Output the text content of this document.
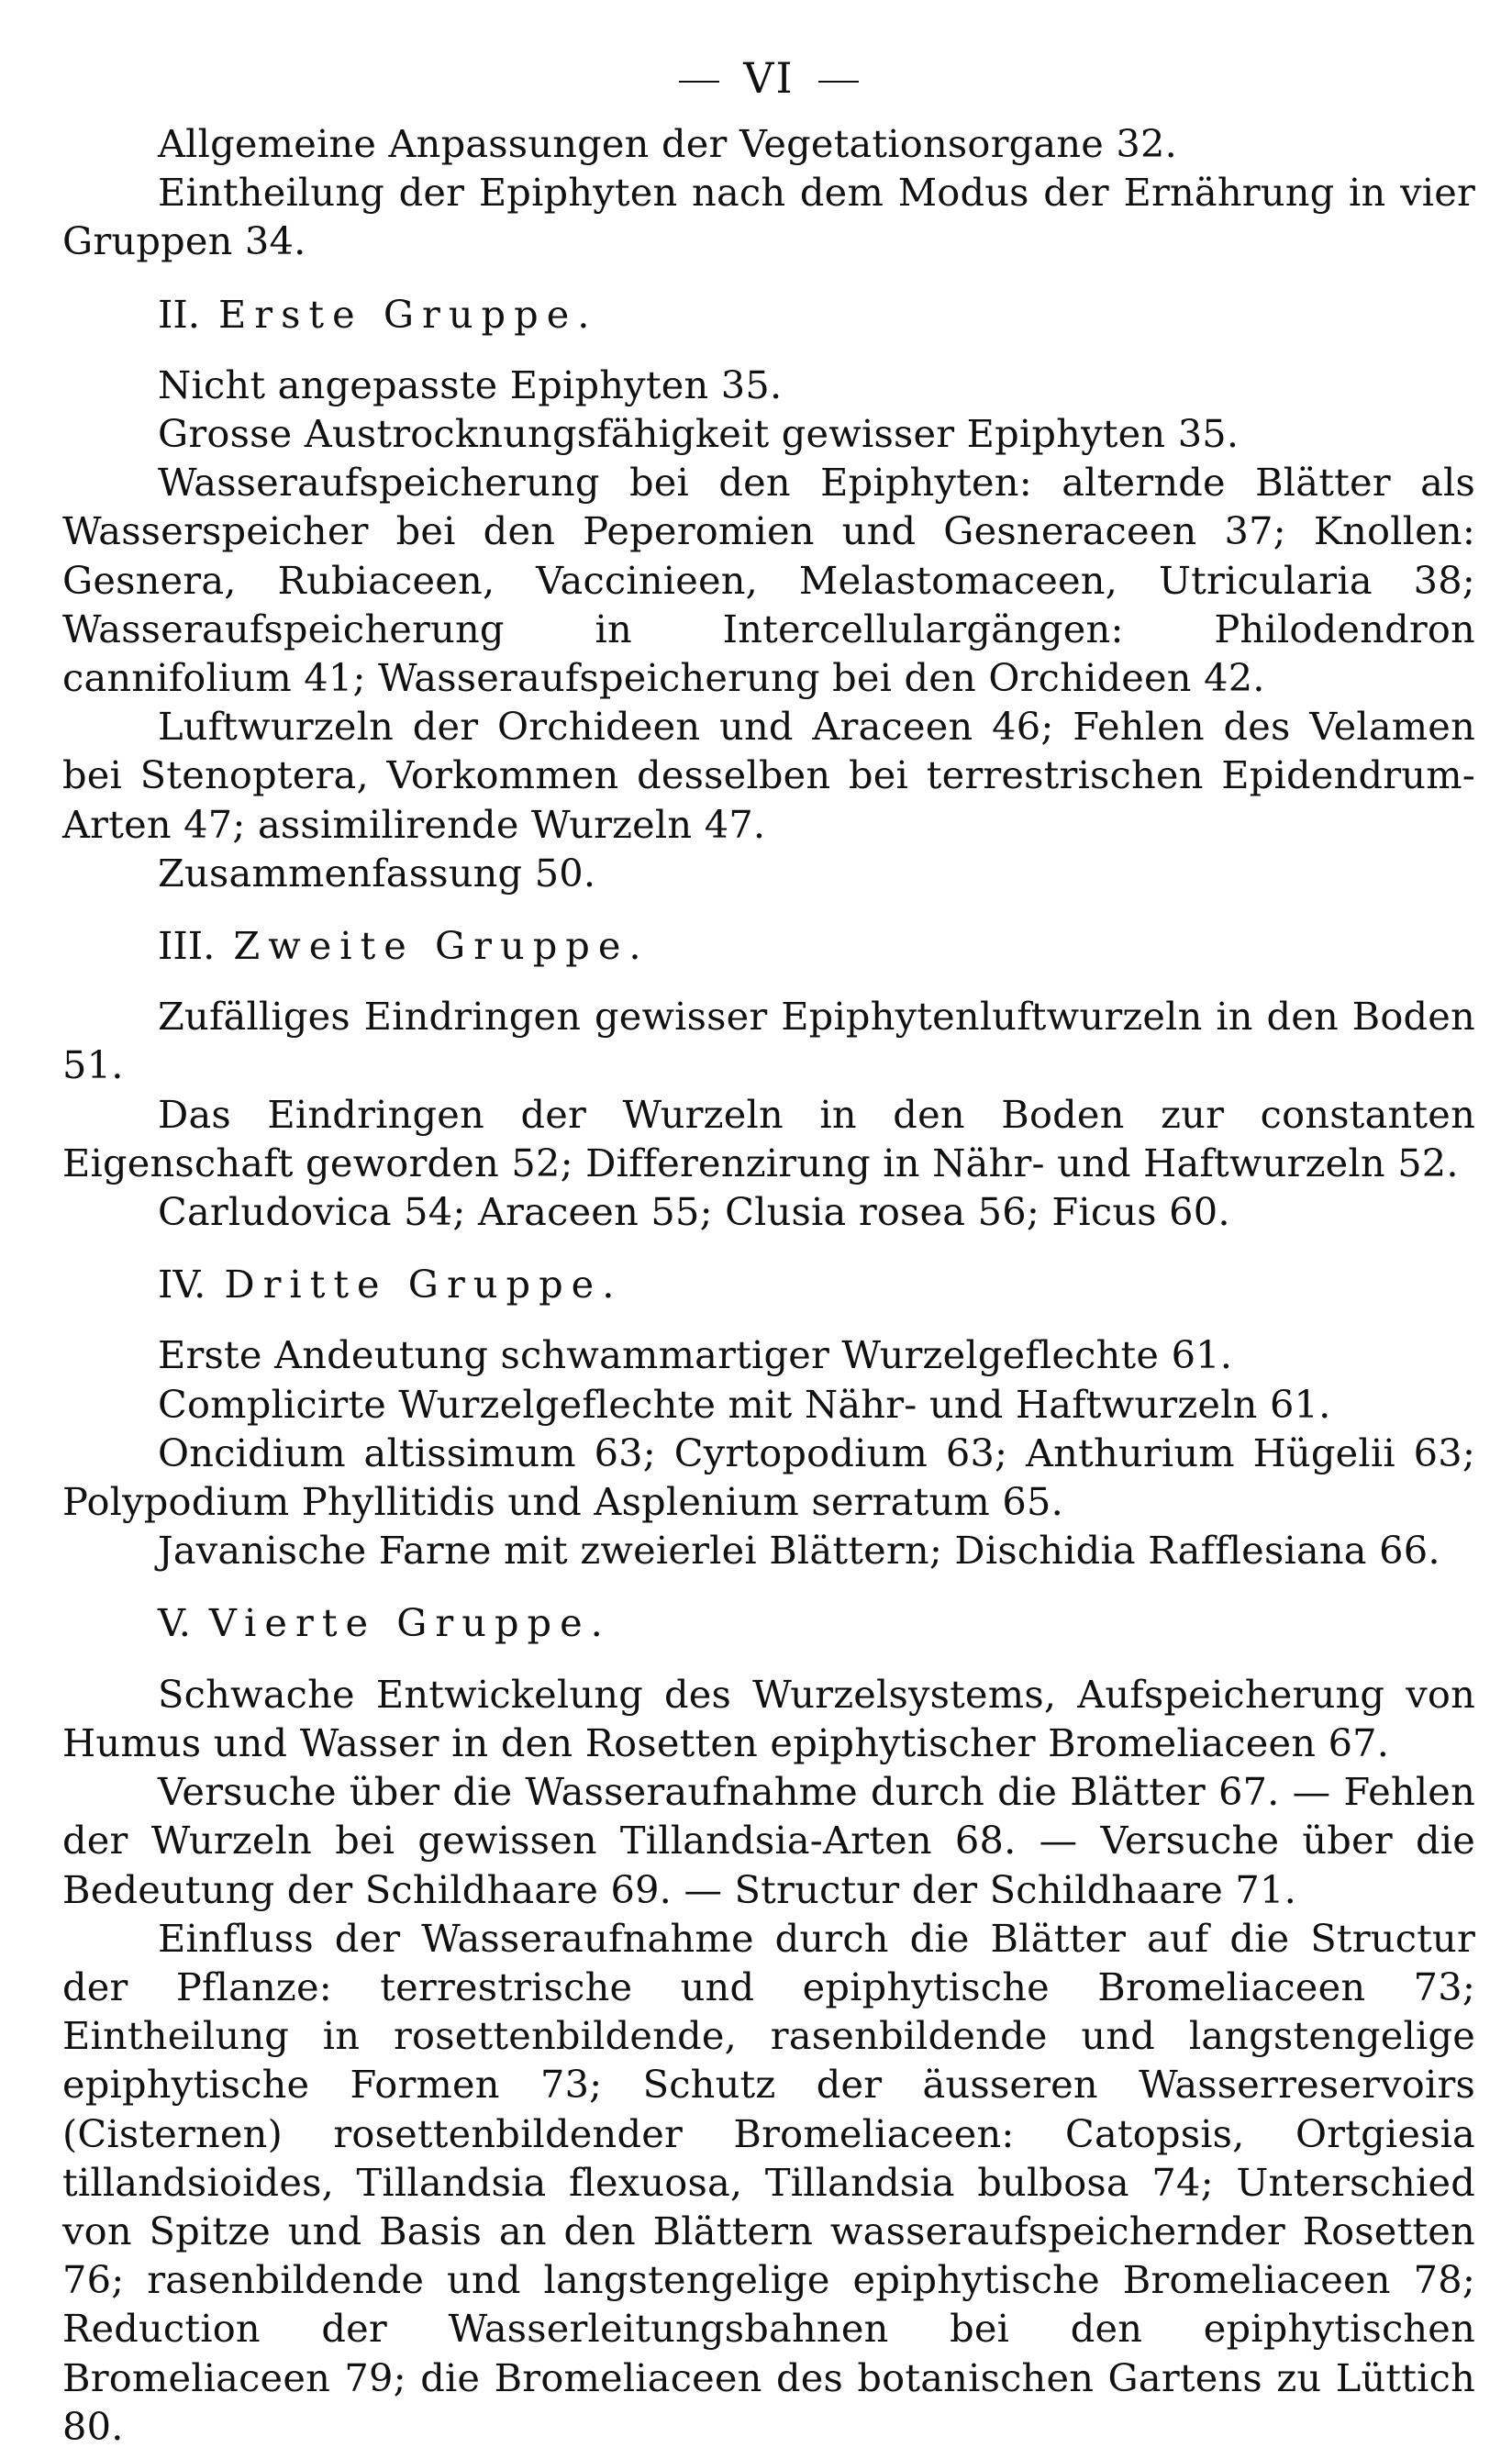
VI

Allgemeine Anpassungen der Vegetationsorgane 32.

Eintheilung der Epiphyten nach dem Modus der Ernährung in vier Gruppen 34.

II. Erste Gruppe.

Nicht angepasste Epiphyten 35.

Grosse Austrocknungsfähigkeit gewisser Epiphyten 35.

Wasseraufspeicherung bei den Epiphyten: alternde Blätter als Wasserspeicher bei den Peperomien und Gesneraceen 37; Knollen: Gesnera, Rubiaceen, Vaccinieen, Melastomaceen, Utricularia 38; Wasseraufspeicherung in Intercellulargängen: Philodendron cannifolium 41; Wasseraufspeicherung bei den Orchideen 42.

Luftwurzeln der Orchideen und Araceen 46; Fehlen des Velamen bei Stenoptera, Vorkommen desselben bei terrestrischen Epidendrum-Arten 47; assimilirende Wurzeln 47.

Zusammenfassung 50.

III. Zweite Gruppe.

Zufälliges Eindringen gewisser Epiphytenluftwurzeln in den Boden 51.

Das Eindringen der Wurzeln in den Boden zur constanten Eigenschaft geworden 52; Differenzirung in Nähr- und Haftwurzeln 52.

Carludovica 54; Araceen 55; Clusia rosea 56; Ficus 60.

IV. Dritte Gruppe.

Erste Andeutung schwammartiger Wurzelgeflechte 61.

Complicirte Wurzelgeflechte mit Nähr- und Haftwurzeln 61.

Oncidium altissimum 63; Cyrtopodium 63; Anthurium Hügelii 63; Polypodium Phyllitidis und Asplenium serratum 65.

Javanische Farne mit zweierlei Blättern; Dischidia Rafflesiana 66.

V. Vierte Gruppe.

Schwache Entwickelung des Wurzelsystems, Aufspeicherung von Humus und Wasser in den Rosetten epiphytischer Bromeliaceen 67.

Versuche über die Wasseraufnahme durch die Blätter 67. — Fehlen der Wurzeln bei gewissen Tillandsia-Arten 68. — Versuche über die Bedeutung der Schildhaare 69. — Structur der Schildhaare 71.

Einfluss der Wasseraufnahme durch die Blätter auf die Structur der Pflanze: terrestrische und epiphytische Bromeliaceen 73; Eintheilung in rosettenbildende, rasenbildende und langstengelige epiphytische Formen 73; Schutz der äusseren Wasserreservoirs (Cisternen) rosettenbildender Bromeliaceen: Catopsis, Ortgiesia tillandsioides, Tillandsia flexuosa, Tillandsia bulbosa 74; Unterschied von Spitze und Basis an den Blättern wasseraufspeichernder Rosetten 76; rasenbildende und langstengelige epiphytische Bromeliaceen 78; Reduction der Wasserleitungsbahnen bei den epiphytischen Bromeliaceen 79; die Bromeliaceen des botanischen Gartens zu Lüttich 80.
